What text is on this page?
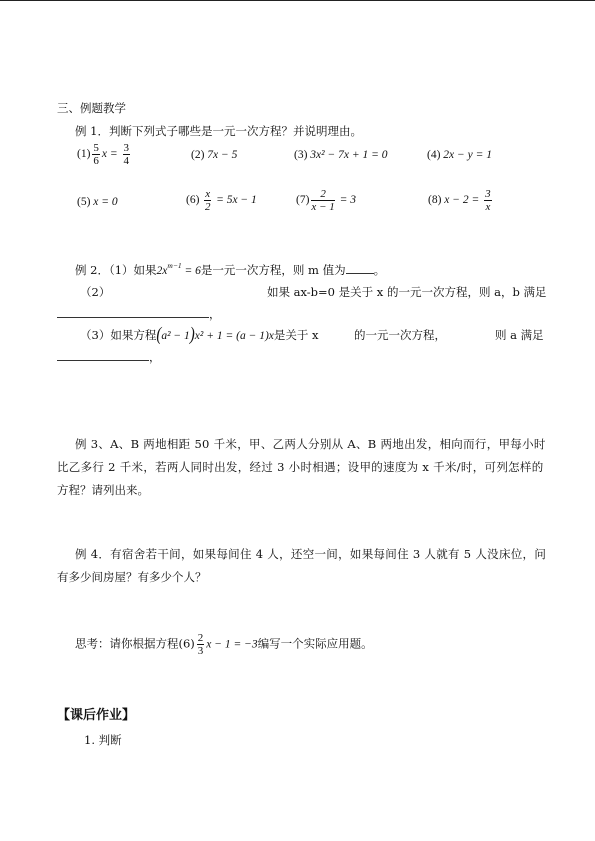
三、例题教学
例 1．判断下列式子哪些是一元一次方程？并说明理由。
$(1) \frac{5}{6}$ $x = \frac{3}{4}$	(2) 7x − 5	(3) 3x² − 7x + 1 = 0	(4) 2x − y = 1
(5) x = 0	$(6) \frac{x}{2} = 5x - 1$	$(7) \frac{2}{x - 1} = 3$	(8) $x - 2 = \frac{3}{x}$
例 2．（1）如果$2x^{m-1} = 6$是一元一次方程，则 m 值为 。
（2）	如果 ax-b=0 是关于 x 的一元一次方程，则 a，b 满足
，
（3）如果方程(a² − 1)x² + 1 = (a − 1)x是关于 x	的一元一次方程，	则 a 满足
，
例 3、A、B 两地相距 50 千米，甲、乙两人分别从 A、B 两地出发，相向而行，甲每小时
比乙多行 2 千米，若两人同时出发，经过 3 小时相遇；设甲的速度为 x 千米/时，可列怎样的
方程？请列出来。
例 4．有宿舍若干间，如果每间住 4 人，还空一间，如果每间住 3 人就有 5 人没床位，问
有多少间房屋？有多少个人？
思考：请你根据方程$(6) \frac{2}{3}$ x − 1 = −3编写一个实际应用题。
【课后作业】
1. 判断
